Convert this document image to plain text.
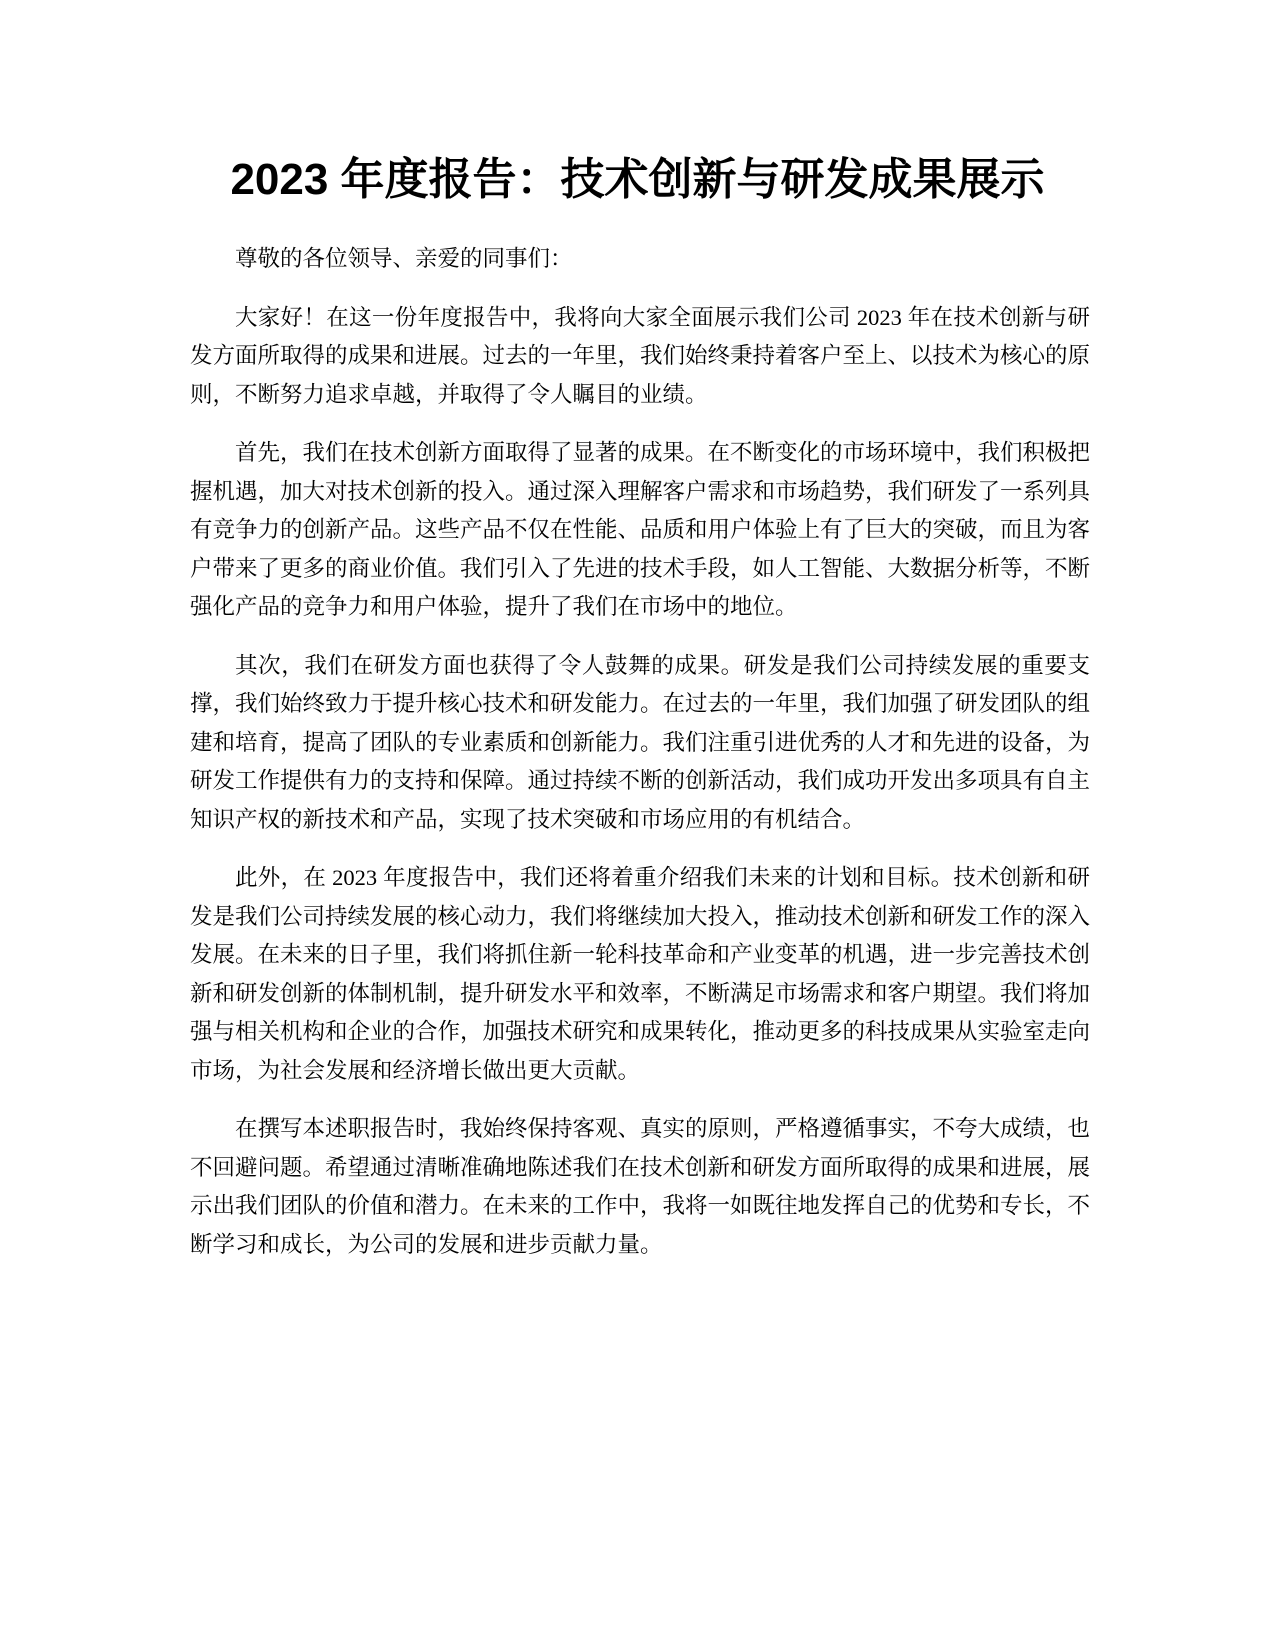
2023 年度报告：技术创新与研发成果展示

尊敬的各位领导、亲爱的同事们：

大家好！在这一份年度报告中，我将向大家全面展示我们公司 2023 年在技术创新与研发方面所取得的成果和进展。过去的一年里，我们始终秉持着客户至上、以技术为核心的原则，不断努力追求卓越，并取得了令人瞩目的业绩。

首先，我们在技术创新方面取得了显著的成果。在不断变化的市场环境中，我们积极把握机遇，加大对技术创新的投入。通过深入理解客户需求和市场趋势，我们研发了一系列具有竞争力的创新产品。这些产品不仅在性能、品质和用户体验上有了巨大的突破，而且为客户带来了更多的商业价值。我们引入了先进的技术手段，如人工智能、大数据分析等，不断强化产品的竞争力和用户体验，提升了我们在市场中的地位。

其次，我们在研发方面也获得了令人鼓舞的成果。研发是我们公司持续发展的重要支撑，我们始终致力于提升核心技术和研发能力。在过去的一年里，我们加强了研发团队的组建和培育，提高了团队的专业素质和创新能力。我们注重引进优秀的人才和先进的设备，为研发工作提供有力的支持和保障。通过持续不断的创新活动，我们成功开发出多项具有自主知识产权的新技术和产品，实现了技术突破和市场应用的有机结合。

此外，在 2023 年度报告中，我们还将着重介绍我们未来的计划和目标。技术创新和研发是我们公司持续发展的核心动力，我们将继续加大投入，推动技术创新和研发工作的深入发展。在未来的日子里，我们将抓住新一轮科技革命和产业变革的机遇，进一步完善技术创新和研发创新的体制机制，提升研发水平和效率，不断满足市场需求和客户期望。我们将加强与相关机构和企业的合作，加强技术研究和成果转化，推动更多的科技成果从实验室走向市场，为社会发展和经济增长做出更大贡献。

在撰写本述职报告时，我始终保持客观、真实的原则，严格遵循事实，不夸大成绩，也不回避问题。希望通过清晰准确地陈述我们在技术创新和研发方面所取得的成果和进展，展示出我们团队的价值和潜力。在未来的工作中，我将一如既往地发挥自己的优势和专长，不断学习和成长，为公司的发展和进步贡献力量。
